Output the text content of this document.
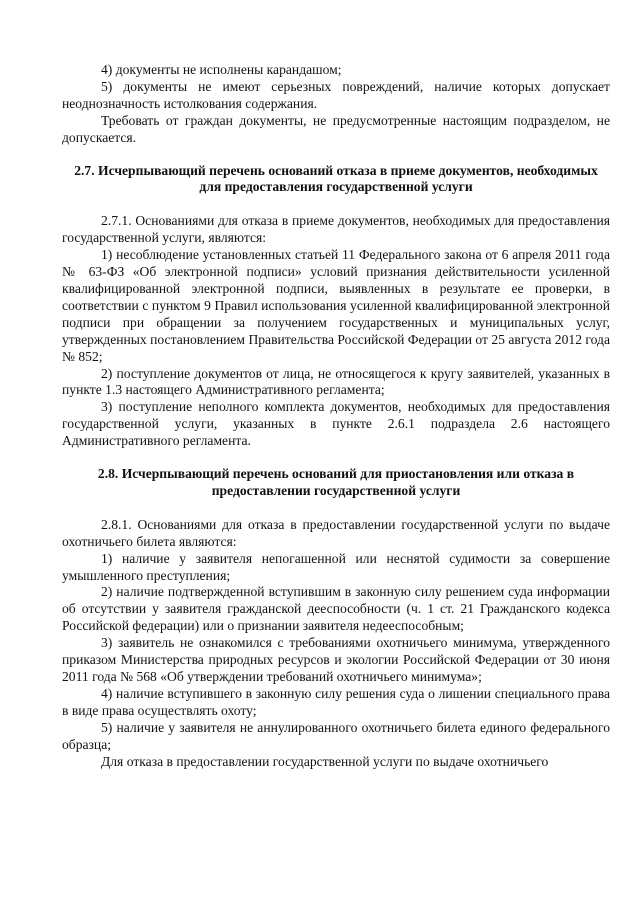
4) документы не исполнены карандашом;

5) документы не имеют серьезных повреждений, наличие которых допускает неоднозначность истолкования содержания.

Требовать от граждан документы, не предусмотренные настоящим подразделом, не допускается.

2.7. Исчерпывающий перечень оснований отказа в приеме документов, необходимых для предоставления государственной услуги

2.7.1. Основаниями для отказа в приеме документов, необходимых для предоставления государственной услуги, являются:

1) несоблюдение установленных статьей 11 Федерального закона от 6 апреля 2011 года № 63-ФЗ «Об электронной подписи» условий признания действительности усиленной квалифицированной электронной подписи, выявленных в результате ее проверки, в соответствии с пунктом 9 Правил использования усиленной квалифицированной электронной подписи при обращении за получением государственных и муниципальных услуг, утвержденных постановлением Правительства Российской Федерации от 25 августа 2012 года № 852;

2) поступление документов от лица, не относящегося к кругу заявителей, указанных в пункте 1.3 настоящего Административного регламента;

3) поступление неполного комплекта документов, необходимых для предоставления государственной услуги, указанных в пункте 2.6.1 подраздела 2.6 настоящего Административного регламента.

2.8. Исчерпывающий перечень оснований для приостановления или отказа в предоставлении государственной услуги

2.8.1. Основаниями для отказа в предоставлении государственной услуги по выдаче охотничьего билета являются:

1) наличие у заявителя непогашенной или неснятой судимости за совершение умышленного преступления;

2) наличие подтвержденной вступившим в законную силу решением суда информации об отсутствии у заявителя гражданской дееспособности (ч. 1 ст. 21 Гражданского кодекса Российской федерации) или о признании заявителя недееспособным;

3) заявитель не ознакомился с требованиями охотничьего минимума, утвержденного приказом Министерства природных ресурсов и экологии Российской Федерации от 30 июня 2011 года № 568 «Об утверждении требований охотничьего минимума»;

4) наличие вступившего в законную силу решения суда о лишении специального права в виде права осуществлять охоту;

5) наличие у заявителя не аннулированного охотничьего билета единого федерального образца;

Для отказа в предоставлении государственной услуги по выдаче охотничьего
